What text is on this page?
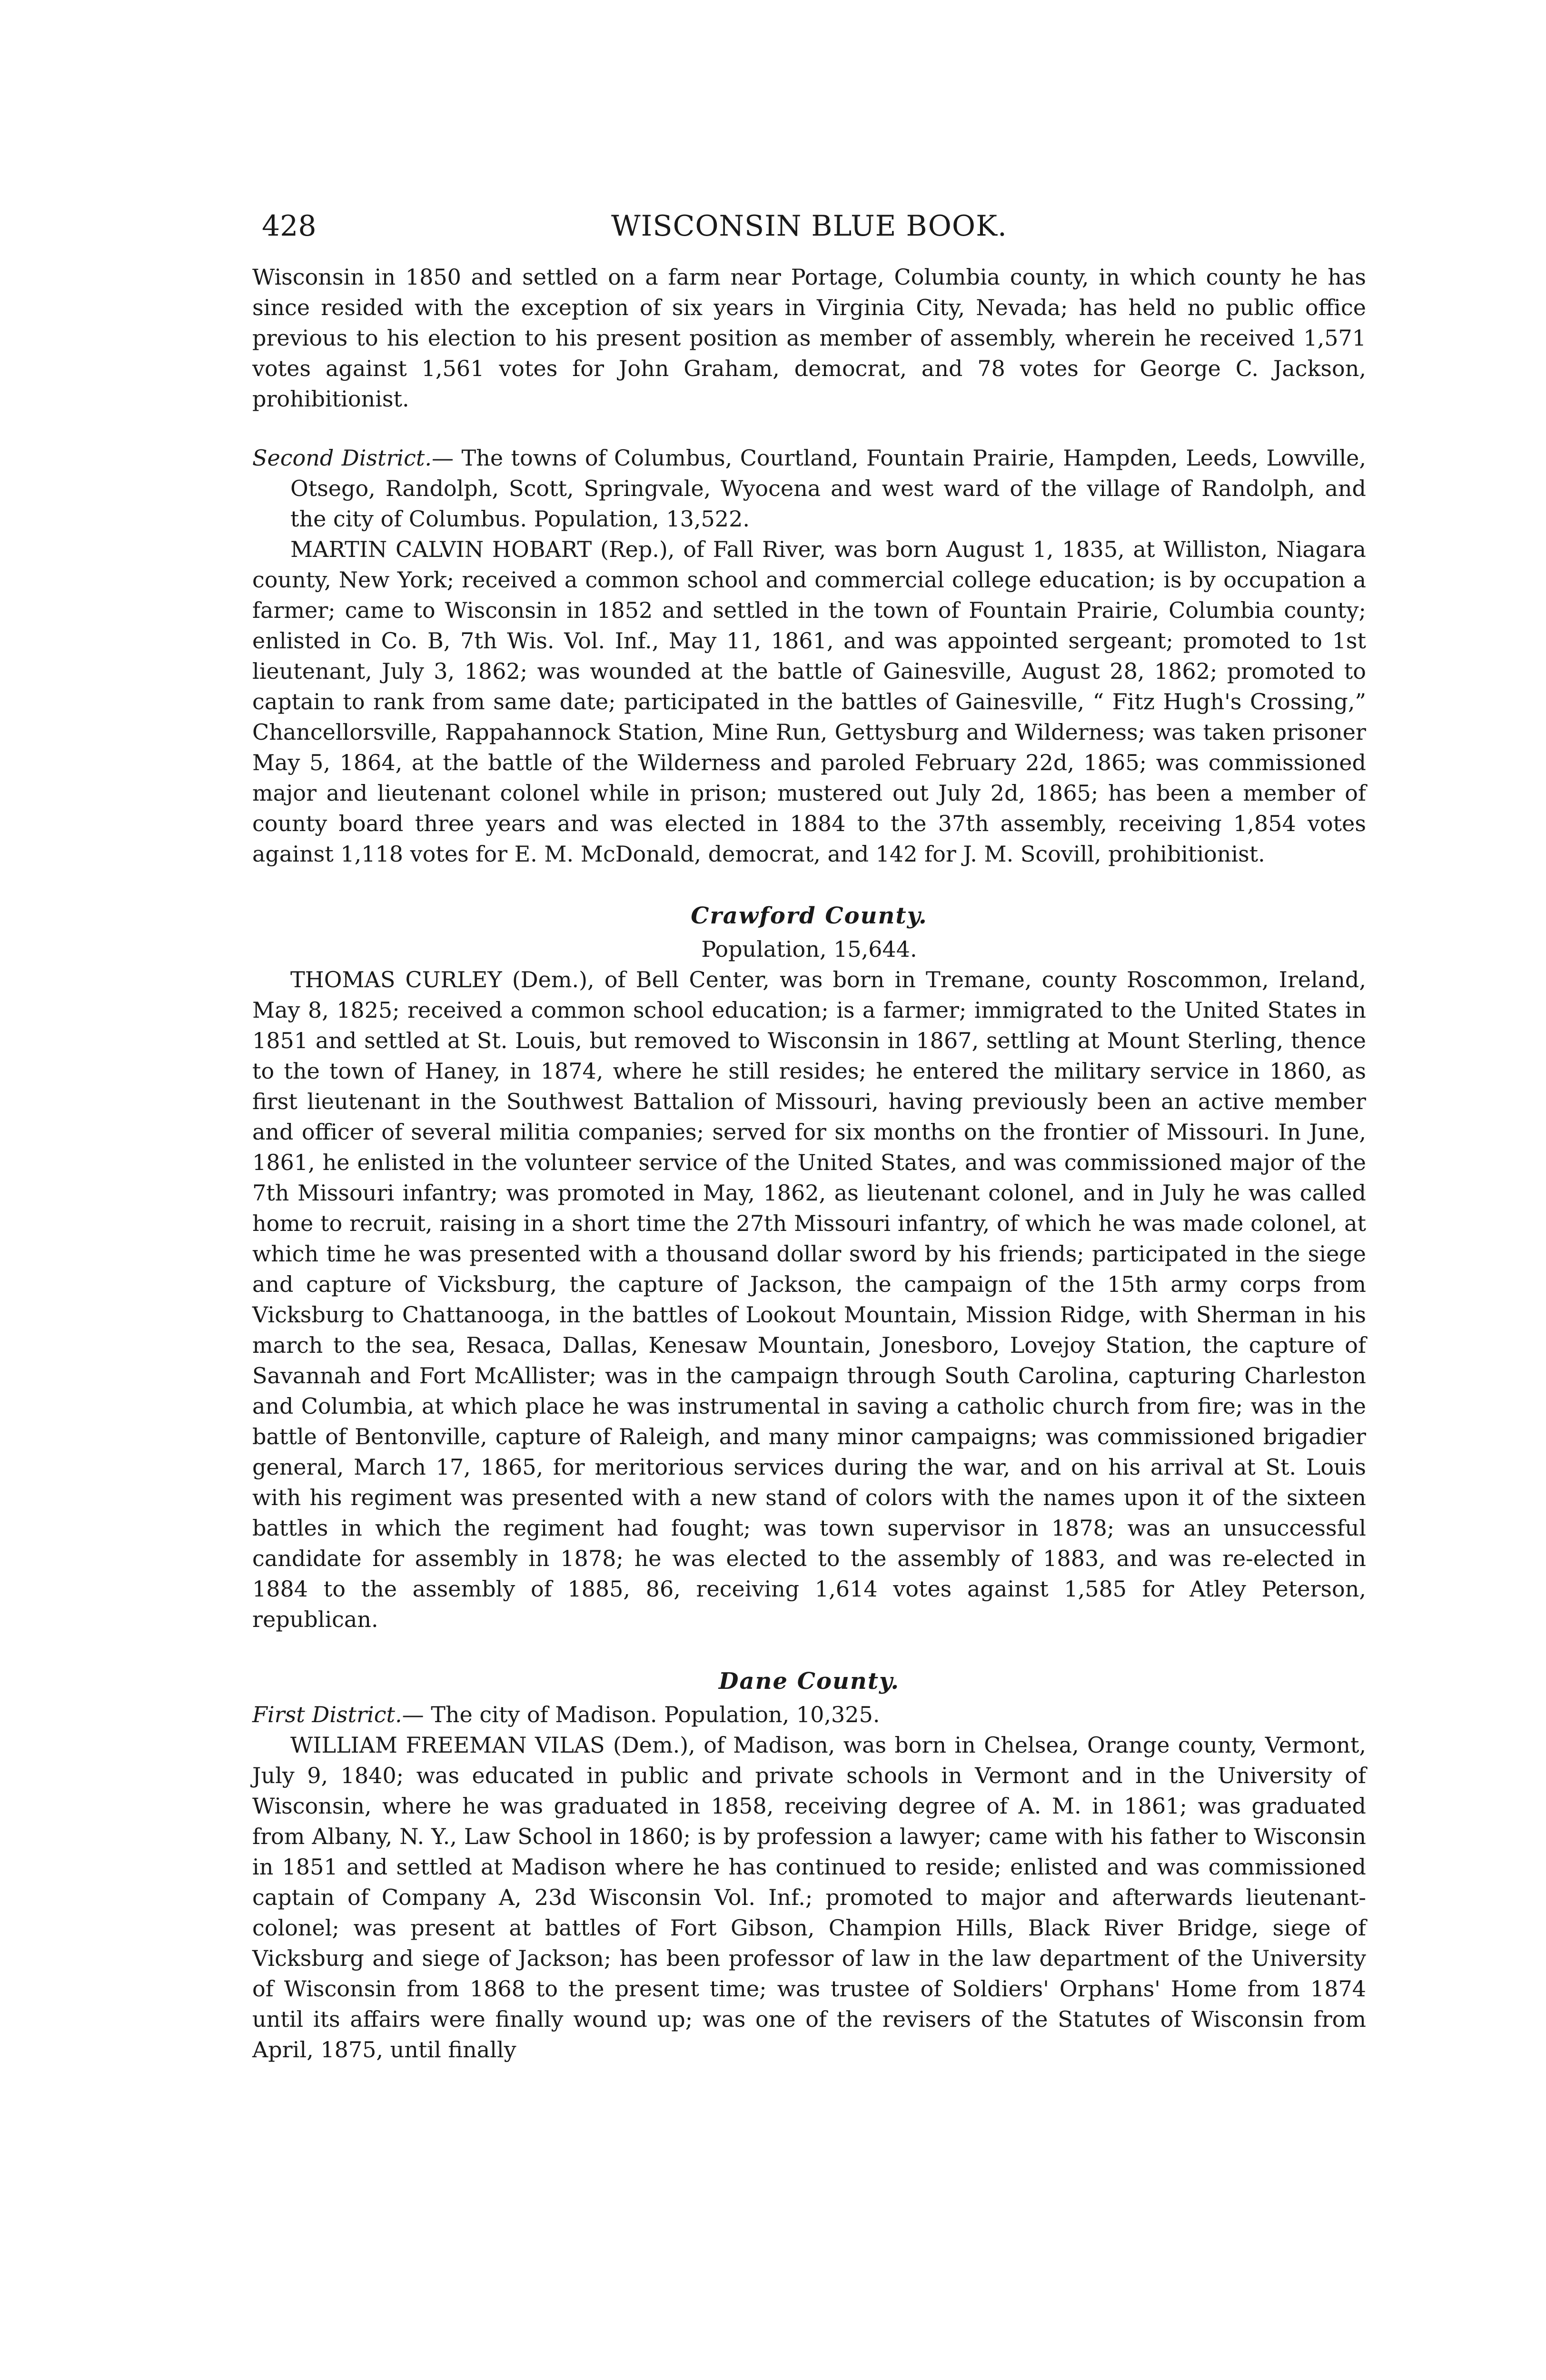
428	WISCONSIN BLUE BOOK.

Wisconsin in 1850 and settled on a farm near Portage, Columbia county, in which county he has since resided with the exception of six years in Virginia City, Nevada; has held no public office previous to his election to his present position as member of assembly, wherein he received 1,571 votes against 1,561 votes for John Graham, democrat, and 78 votes for George C. Jackson, prohibitionist.

Second District.— The towns of Columbus, Courtland, Fountain Prairie, Hampden, Leeds, Lowville, Otsego, Randolph, Scott, Springvale, Wyocena and west ward of the village of Randolph, and the city of Columbus. Population, 13,522.

MARTIN CALVIN HOBART (Rep.), of Fall River, was born August 1, 1835, at Williston, Niagara county, New York; received a common school and commercial college education; is by occupation a farmer; came to Wisconsin in 1852 and settled in the town of Fountain Prairie, Columbia county; enlisted in Co. B, 7th Wis. Vol. Inf., May 11, 1861, and was appointed sergeant; promoted to 1st lieutenant, July 3, 1862; was wounded at the battle of Gainesville, August 28, 1862; promoted to captain to rank from same date; participated in the battles of Gainesville, “ Fitz Hugh's Crossing,” Chancellorsville, Rappahannock Station, Mine Run, Gettysburg and Wilderness; was taken prisoner May 5, 1864, at the battle of the Wilderness and paroled February 22d, 1865; was commissioned major and lieutenant colonel while in prison; mustered out July 2d, 1865; has been a member of county board three years and was elected in 1884 to the 37th assembly, receiving 1,854 votes against 1,118 votes for E. M. McDonald, democrat, and 142 for J. M. Scovill, prohibitionist.

Crawford County.
Population, 15,644.

THOMAS CURLEY (Dem.), of Bell Center, was born in Tremane, county Roscommon, Ireland, May 8, 1825; received a common school education; is a farmer; immigrated to the United States in 1851 and settled at St. Louis, but removed to Wisconsin in 1867, settling at Mount Sterling, thence to the town of Haney, in 1874, where he still resides; he entered the military service in 1860, as first lieutenant in the Southwest Battalion of Missouri, having previously been an active member and officer of several militia companies; served for six months on the frontier of Missouri. In June, 1861, he enlisted in the volunteer service of the United States, and was commissioned major of the 7th Missouri infantry; was promoted in May, 1862, as lieutenant colonel, and in July he was called home to recruit, raising in a short time the 27th Missouri infantry, of which he was made colonel, at which time he was presented with a thousand dollar sword by his friends; participated in the siege and capture of Vicksburg, the capture of Jackson, the campaign of the 15th army corps from Vicksburg to Chattanooga, in the battles of Lookout Mountain, Mission Ridge, with Sherman in his march to the sea, Resaca, Dallas, Kenesaw Mountain, Jonesboro, Lovejoy Station, the capture of Savannah and Fort McAllister; was in the campaign through South Carolina, capturing Charleston and Columbia, at which place he was instrumental in saving a catholic church from fire; was in the battle of Bentonville, capture of Raleigh, and many minor campaigns; was commissioned brigadier general, March 17, 1865, for meritorious services during the war, and on his arrival at St. Louis with his regiment was presented with a new stand of colors with the names upon it of the sixteen battles in which the regiment had fought; was town supervisor in 1878; was an unsuccessful candidate for assembly in 1878; he was elected to the assembly of 1883, and was re-elected in 1884 to the assembly of 1885, 86, receiving 1,614 votes against 1,585 for Atley Peterson, republican.

Dane County.

First District.— The city of Madison. Population, 10,325.

WILLIAM FREEMAN VILAS (Dem.), of Madison, was born in Chelsea, Orange county, Vermont, July 9, 1840; was educated in public and private schools in Vermont and in the University of Wisconsin, where he was graduated in 1858, receiving degree of A. M. in 1861; was graduated from Albany, N. Y., Law School in 1860; is by profession a lawyer; came with his father to Wisconsin in 1851 and settled at Madison where he has continued to reside; enlisted and was commissioned captain of Company A, 23d Wisconsin Vol. Inf.; promoted to major and afterwards lieutenant-colonel; was present at battles of Fort Gibson, Champion Hills, Black River Bridge, siege of Vicksburg and siege of Jackson; has been professor of law in the law department of the University of Wisconsin from 1868 to the present time; was trustee of Soldiers' Orphans' Home from 1874 until its affairs were finally wound up; was one of the revisers of the Statutes of Wisconsin from April, 1875, until finally
